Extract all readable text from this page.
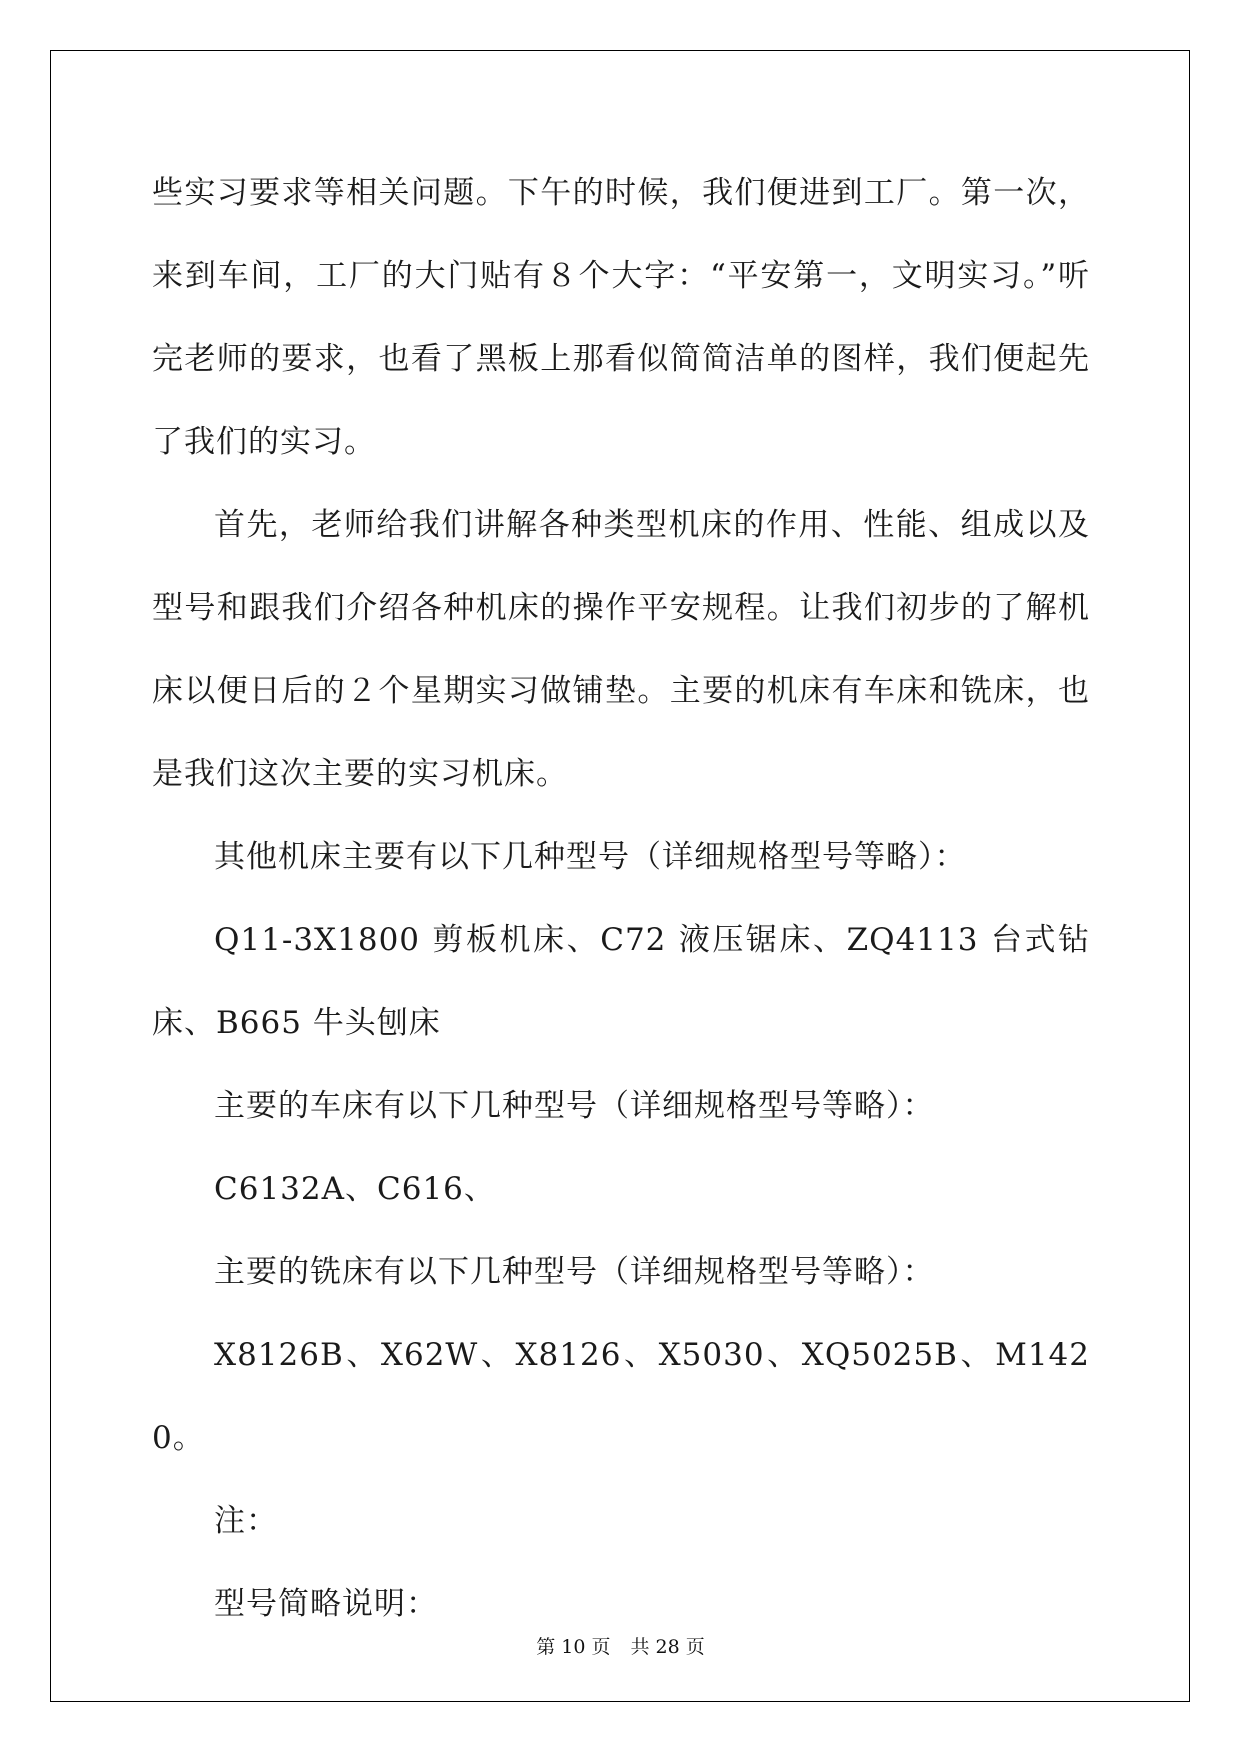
些实习要求等相关问题。下午的时候，我们便进到工厂。第一次，来到车间，工厂的大门贴有８个大字：“平安第一，文明实习。”听完老师的要求，也看了黑板上那看似简简洁单的图样，我们便起先了我们的实习。

首先，老师给我们讲解各种类型机床的作用、性能、组成以及型号和跟我们介绍各种机床的操作平安规程。让我们初步的了解机床以便日后的２个星期实习做铺垫。主要的机床有车床和铣床，也是我们这次主要的实习机床。

其他机床主要有以下几种型号（详细规格型号等略）：

Q11-3X1800 剪板机床、C72 液压锯床、ZQ4113 台式钻床、B665 牛头刨床

主要的车床有以下几种型号（详细规格型号等略）：

C6132A、C616、

主要的铣床有以下几种型号（详细规格型号等略）：

X8126B、X62W、X8126、X5030、XQ5025B、M1420。

注：

型号简略说明：

第 10 页 共 28 页
